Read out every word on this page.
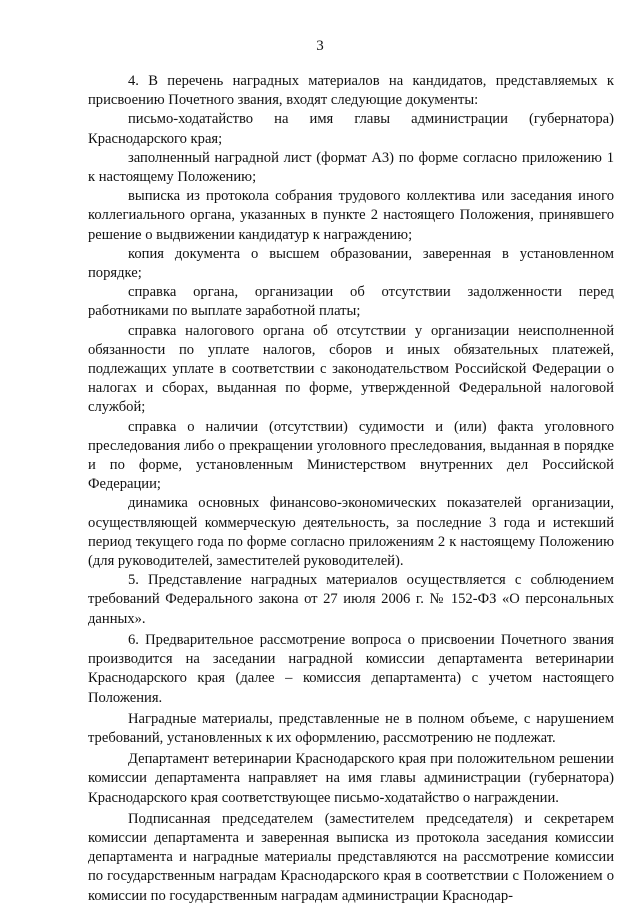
3

4. В перечень наградных материалов на кандидатов, представляемых к присвоению Почетного звания, входят следующие документы:

письмо-ходатайство на имя главы администрации (губернатора) Краснодарского края;

заполненный наградной лист (формат А3) по форме согласно приложению 1 к настоящему Положению;

выписка из протокола собрания трудового коллектива или заседания иного коллегиального органа, указанных в пункте 2 настоящего Положения, принявшего решение о выдвижении кандидатур к награждению;

копия документа о высшем образовании, заверенная в установленном порядке;

справка органа, организации об отсутствии задолженности перед работниками по выплате заработной платы;

справка налогового органа об отсутствии у организации неисполненной обязанности по уплате налогов, сборов и иных обязательных платежей, подлежащих уплате в соответствии с законодательством Российской Федерации о налогах и сборах, выданная по форме, утвержденной Федеральной налоговой службой;

справка о наличии (отсутствии) судимости и (или) факта уголовного преследования либо о прекращении уголовного преследования, выданная в порядке и по форме, установленным Министерством внутренних дел Российской Федерации;

динамика основных финансово-экономических показателей организации, осуществляющей коммерческую деятельность, за последние 3 года и истекший период текущего года по форме согласно приложениям 2 к настоящему Положению (для руководителей, заместителей руководителей).

5. Представление наградных материалов осуществляется с соблюдением требований Федерального закона от 27 июля 2006 г. № 152-ФЗ «О персональных данных».

6. Предварительное рассмотрение вопроса о присвоении Почетного звания производится на заседании наградной комиссии департамента ветеринарии Краснодарского края (далее – комиссия департамента) с учетом настоящего Положения.

Наградные материалы, представленные не в полном объеме, с нарушением требований, установленных к их оформлению, рассмотрению не подлежат.

Департамент ветеринарии Краснодарского края при положительном решении комиссии департамента направляет на имя главы администрации (губернатора) Краснодарского края соответствующее письмо-ходатайство о награждении.

Подписанная председателем (заместителем председателя) и секретарем комиссии департамента и заверенная выписка из протокола заседания комиссии департамента и наградные материалы представляются на рассмотрение комиссии по государственным наградам Краснодарского края в соответствии с Положением о комиссии по государственным наградам администрации Краснодар-
